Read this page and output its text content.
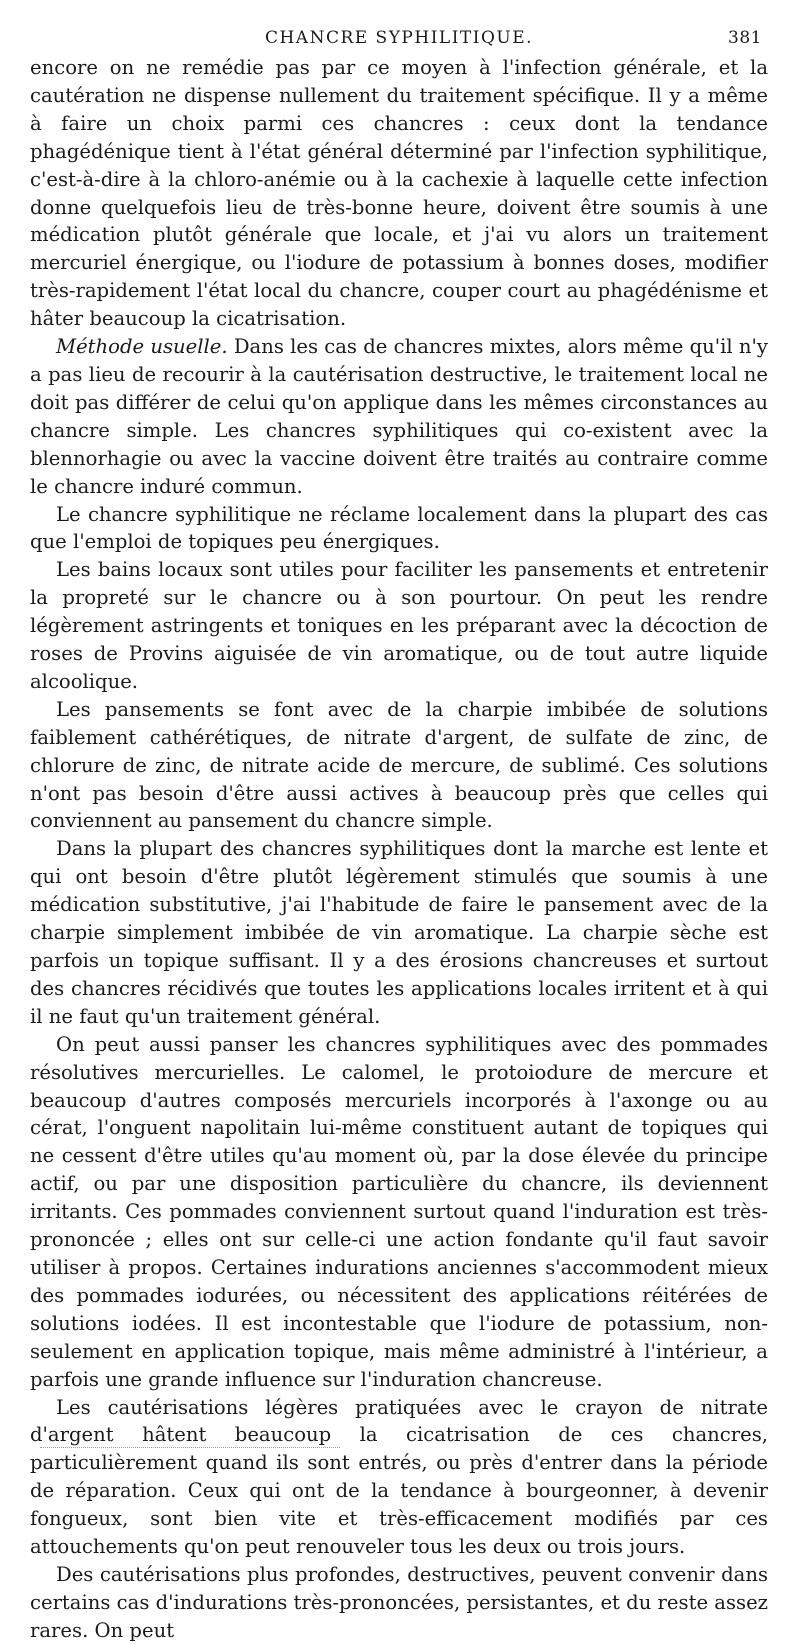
CHANCRE SYPHILITIQUE.	381

encore on ne remédie pas par ce moyen à l'infection générale, et la cautération ne dispense nullement du traitement spécifique. Il y a même à faire un choix parmi ces chancres : ceux dont la tendance phagédénique tient à l'état général déterminé par l'infection syphilitique, c'est-à-dire à la chloro-anémie ou à la cachexie à laquelle cette infection donne quelquefois lieu de très-bonne heure, doivent être soumis à une médication plutôt générale que locale, et j'ai vu alors un traitement mercuriel énergique, ou l'iodure de potassium à bonnes doses, modifier très-rapidement l'état local du chancre, couper court au phagédénisme et hâter beaucoup la cicatrisation.

Méthode usuelle. Dans les cas de chancres mixtes, alors même qu'il n'y a pas lieu de recourir à la cautérisation destructive, le traitement local ne doit pas différer de celui qu'on applique dans les mêmes circonstances au chancre simple. Les chancres syphilitiques qui co-existent avec la blennorhagie ou avec la vaccine doivent être traités au contraire comme le chancre induré commun.

Le chancre syphilitique ne réclame localement dans la plupart des cas que l'emploi de topiques peu énergiques.

Les bains locaux sont utiles pour faciliter les pansements et entretenir la propreté sur le chancre ou à son pourtour. On peut les rendre légèrement astringents et toniques en les préparant avec la décoction de roses de Provins aiguisée de vin aromatique, ou de tout autre liquide alcoolique.

Les pansements se font avec de la charpie imbibée de solutions faiblement cathérétiques, de nitrate d'argent, de sulfate de zinc, de chlorure de zinc, de nitrate acide de mercure, de sublimé. Ces solutions n'ont pas besoin d'être aussi actives à beaucoup près que celles qui conviennent au pansement du chancre simple.

Dans la plupart des chancres syphilitiques dont la marche est lente et qui ont besoin d'être plutôt légèrement stimulés que soumis à une médication substitutive, j'ai l'habitude de faire le pansement avec de la charpie simplement imbibée de vin aromatique. La charpie sèche est parfois un topique suffisant. Il y a des érosions chancreuses et surtout des chancres récidivés que toutes les applications locales irritent et à qui il ne faut qu'un traitement général.

On peut aussi panser les chancres syphilitiques avec des pommades résolutives mercurielles. Le calomel, le protoiodure de mercure et beaucoup d'autres composés mercuriels incorporés à l'axonge ou au cérat, l'onguent napolitain lui-même constituent autant de topiques qui ne cessent d'être utiles qu'au moment où, par la dose élevée du principe actif, ou par une disposition particulière du chancre, ils deviennent irritants. Ces pommades conviennent surtout quand l'induration est très-prononcée ; elles ont sur celle-ci une action fondante qu'il faut savoir utiliser à propos. Certaines indurations anciennes s'accommodent mieux des pommades iodurées, ou nécessitent des applications réitérées de solutions iodées. Il est incontestable que l'iodure de potassium, non-seulement en application topique, mais même administré à l'intérieur, a parfois une grande influence sur l'induration chancreuse.

Les cautérisations légères pratiquées avec le crayon de nitrate d'argent hâtent beaucoup la cicatrisation de ces chancres, particulièrement quand ils sont entrés, ou près d'entrer dans la période de réparation. Ceux qui ont de la tendance à bourgeonner, à devenir fongueux, sont bien vite et très-efficacement modifiés par ces attouchements qu'on peut renouveler tous les deux ou trois jours.

Des cautérisations plus profondes, destructives, peuvent convenir dans certains cas d'indurations très-prononcées, persistantes, et du reste assez rares. On peut
